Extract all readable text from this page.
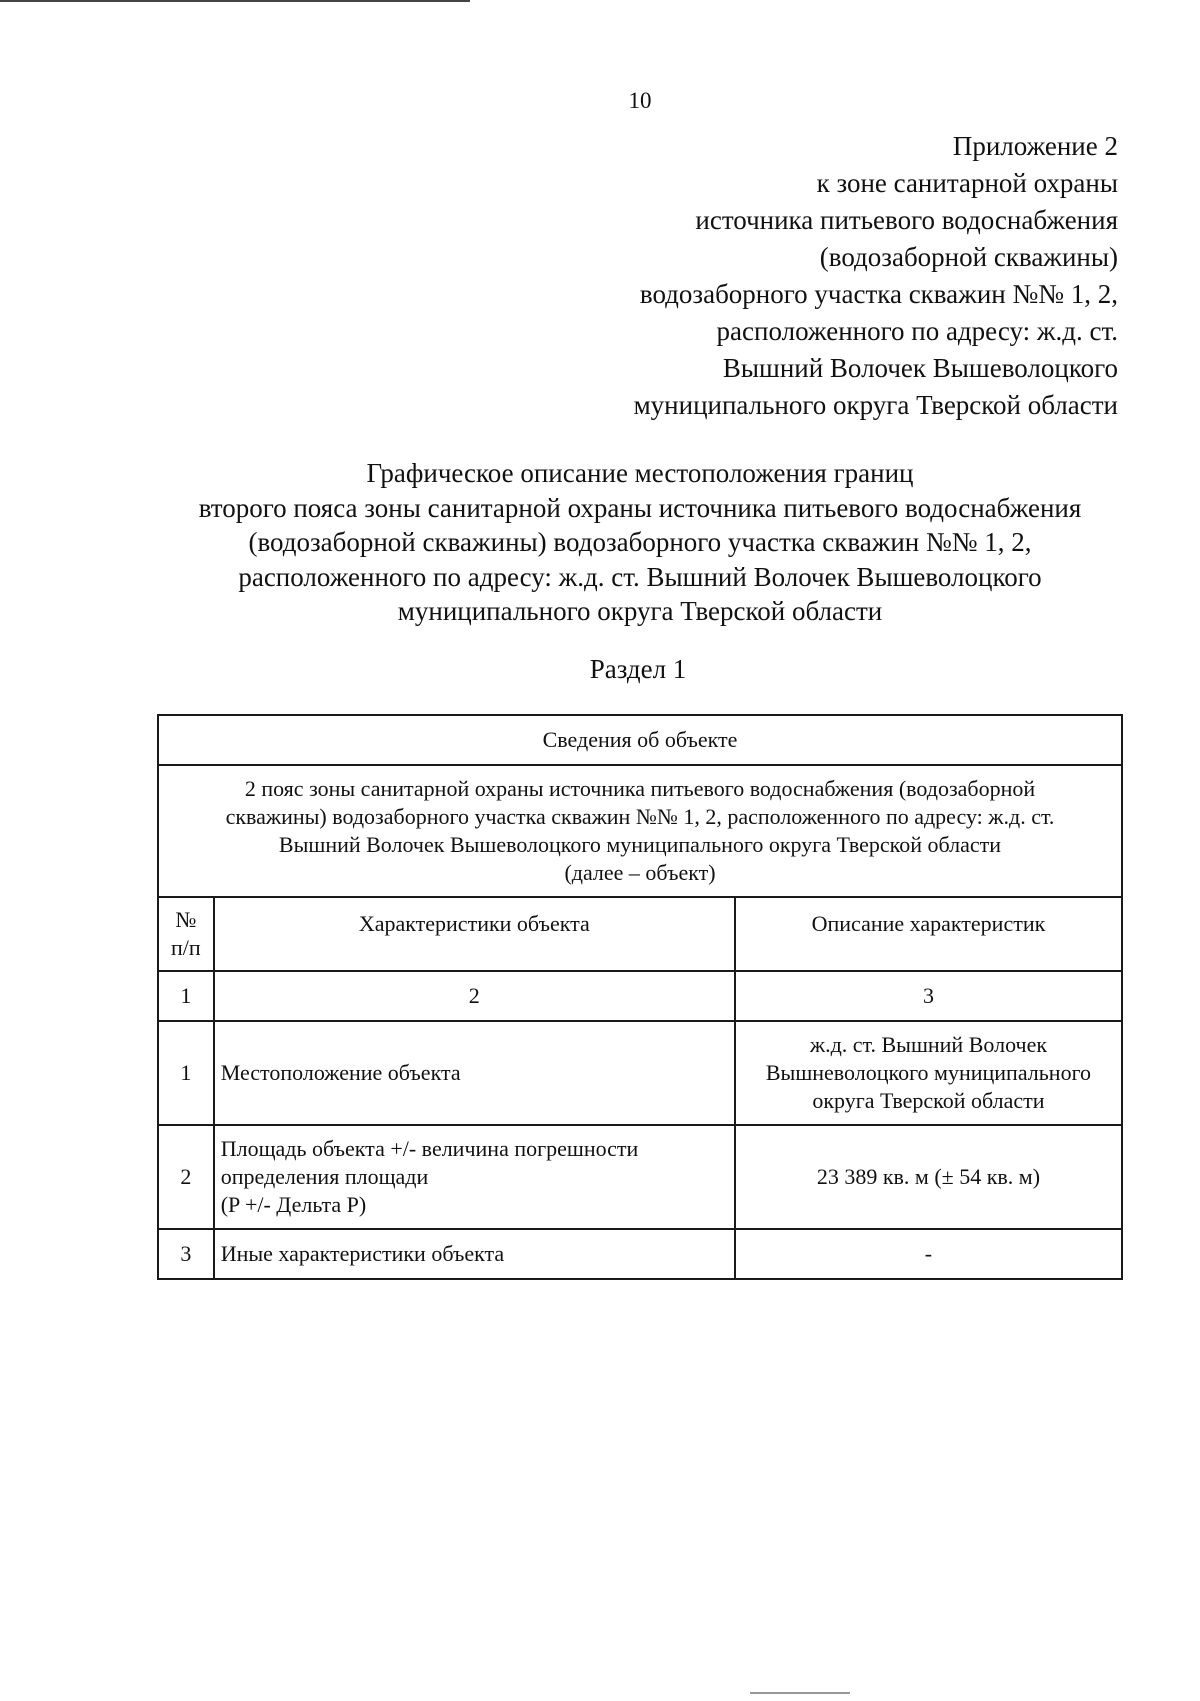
10
Приложение 2
к зоне санитарной охраны
источника питьевого водоснабжения
(водозаборной скважины)
водозаборного участка скважин №№ 1, 2,
расположенного по адресу: ж.д. ст.
Вышний Волочек Вышеволоцкого
муниципального округа Тверской области
Графическое описание местоположения границ
второго пояса зоны санитарной охраны источника питьевого водоснабжения
(водозаборной скважины) водозаборного участка скважин №№ 1, 2,
расположенного по адресу: ж.д. ст. Вышний Волочек Вышеволоцкого
муниципального округа Тверской области
Раздел 1
Сведения об объекте		

2 пояс зоны санитарной охраны источника питьевого водоснабжения (водозаборной
скважины) водозаборного участка скважин №№ 1, 2, расположенного по адресу: ж.д. ст.
Вышний Волочек Вышеволоцкого муниципального округа Тверской области
(далее – объект)		

№
п/п	Характеристики объекта	Описание характеристик
1	2	3
1	Местоположение объекта	ж.д. ст. Вышний Волочек
Вышневолоцкого муниципального
округа Тверской области

2	Площадь объекта +/- величина погрешности
определения площади
(P +/- Дельта P)	23 389 кв. м (± 54 кв. м)

3	Иные характеристики объекта	-
